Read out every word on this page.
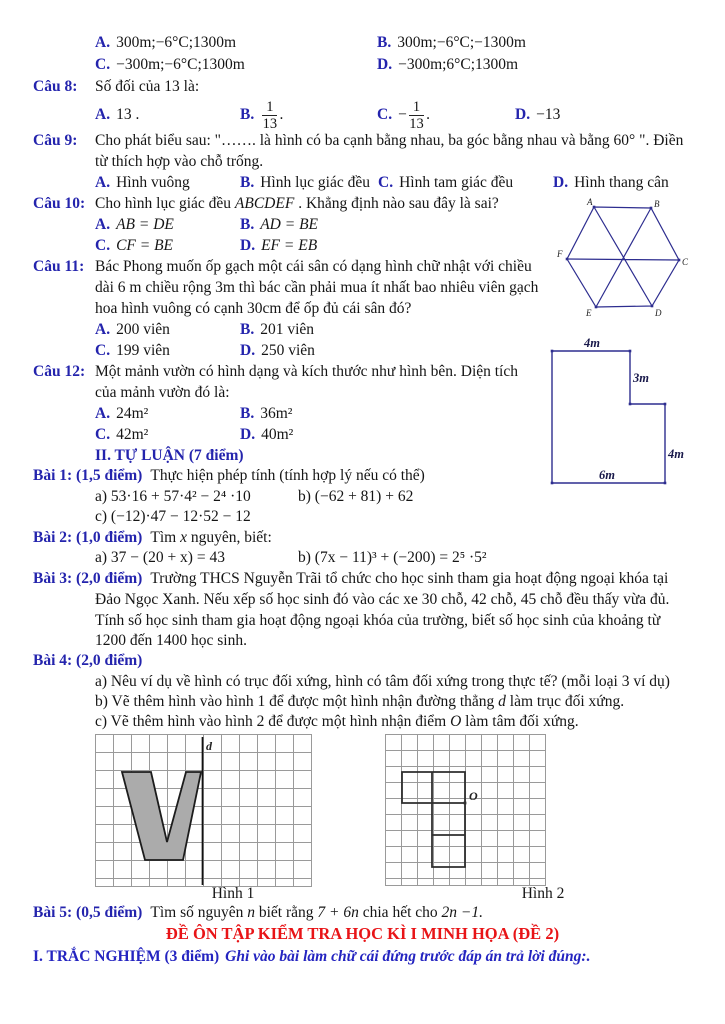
A. 300m;−6°C;1300m	B. 300m;−6°C;−1300m
C. −300m;−6°C;1300m	D. −300m;6°C;1300m
Câu 8: Số đối của 13 là:
A. 13 .	B. $\frac{1}{13}$ .	C. − $\frac{1}{13}$ .	D. −13
Câu 9: Cho phát biểu sau: "……. là hình có ba cạnh bằng nhau, ba góc bằng nhau và bằng 60° ". Điền
từ thích hợp vào chỗ trống.
A. Hình vuông	B. Hình lục giác đều C. Hình tam giác đều	D. Hình thang cân
Câu 10: Cho hình lục giác đều ABCDEF . Khẳng định nào sau đây là sai?
A. AB = DE	B. AD = BE
C. CF = BE	D. EF = EB
A	B
C
D
E
F
Câu 11: Bác Phong muốn ốp gạch một cái sân có dạng hình chữ nhật với chiều
dài 6 m chiều rộng 3m thì bác cần phải mua ít nhất bao nhiêu viên gạch
hoa hình vuông có cạnh 30cm để ốp đủ cái sân đó?
A. 200 viên	B. 201 viên
C. 199 viên	D. 250 viên
Câu 12: Một mảnh vườn có hình dạng và kích thước như hình bên. Diện tích
của mảnh vườn đó là:
A. 24m²	B. 36m²
C. 42m²	D. 40m²
4m
3m
4m
6m
II. TỰ LUẬN (7 điểm)
Bài 1: (1,5 điểm) Thực hiện phép tính (tính hợp lý nếu có thể)
a) 53·16 + 57·4² − 2⁴ ·10	b) (−62 + 81) + 62
c) (−12)·47 − 12·52 − 12
Bài 2: (1,0 điểm) Tìm x nguyên, biết:
a) 37 − (20 + x) = 43	b) (7x − 11)³ + (−200) = 2⁵ ·5²
Bài 3: (2,0 điểm) Trường THCS Nguyễn Trãi tổ chức cho học sinh tham gia hoạt động ngoại khóa tại
Đảo Ngọc Xanh. Nếu xếp số học sinh đó vào các xe 30 chỗ, 42 chỗ, 45 chỗ đều thấy vừa đủ.
Tính số học sinh tham gia hoạt động ngoại khóa của trường, biết số học sinh của khoảng từ
1200 đến 1400 học sinh.
Bài 4: (2,0 điểm)
a) Nêu ví dụ về hình có trục đối xứng, hình có tâm đối xứng trong thực tế? (mỗi loại 3 ví dụ)
b) Vẽ thêm hình vào hình 1 để được một hình nhận đường thẳng d làm trục đối xứng.
c) Vẽ thêm hình vào hình 2 để được một hình nhận điểm O làm tâm đối xứng.
d
O
Hình 1	Hình 2
Bài 5: (0,5 điểm) Tìm số nguyên n biết rằng 7 + 6n chia hết cho 2n −1.
ĐỀ ÔN TẬP KIỂM TRA HỌC KÌ I MINH HỌA (ĐỀ 2)
I. TRẮC NGHIỆM (3 điểm) Ghi vào bài làm chữ cái đứng trước đáp án trả lời đúng:.
